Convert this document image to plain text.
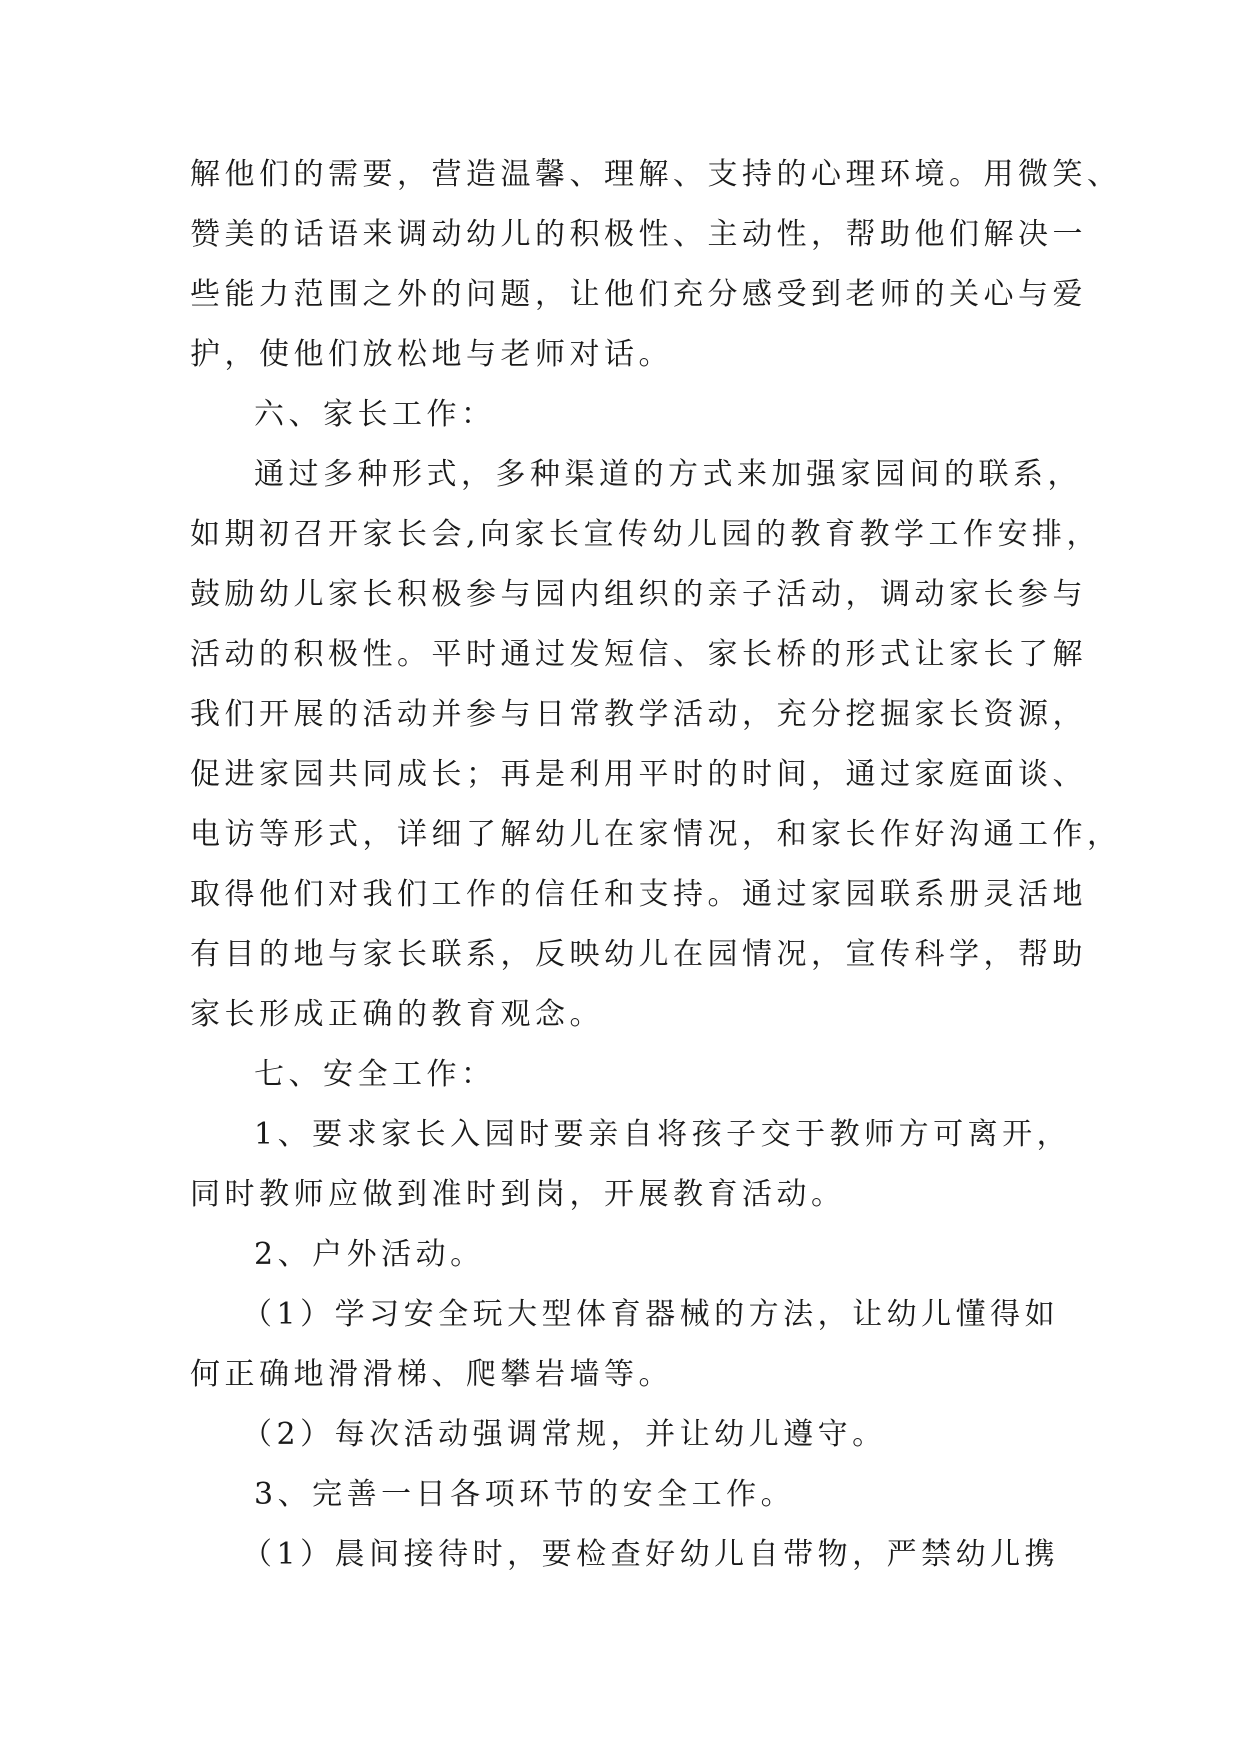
解他们的需要，营造温馨、理解、支持的心理环境。用微笑、
赞美的话语来调动幼儿的积极性、主动性，帮助他们解决一
些能力范围之外的问题，让他们充分感受到老师的关心与爱
护，使他们放松地与老师对话。
六、家长工作：
通过多种形式，多种渠道的方式来加强家园间的联系，
如期初召开家长会,向家长宣传幼儿园的教育教学工作安排，
鼓励幼儿家长积极参与园内组织的亲子活动，调动家长参与
活动的积极性。平时通过发短信、家长桥的形式让家长了解
我们开展的活动并参与日常教学活动，充分挖掘家长资源，
促进家园共同成长；再是利用平时的时间，通过家庭面谈、
电访等形式，详细了解幼儿在家情况，和家长作好沟通工作，
取得他们对我们工作的信任和支持。通过家园联系册灵活地
有目的地与家长联系，反映幼儿在园情况，宣传科学，帮助
家长形成正确的教育观念。
七、安全工作：
1、要求家长入园时要亲自将孩子交于教师方可离开，
同时教师应做到准时到岗，开展教育活动。
2、户外活动。
（1）学习安全玩大型体育器械的方法，让幼儿懂得如
何正确地滑滑梯、爬攀岩墙等。
（2）每次活动强调常规，并让幼儿遵守。
3、完善一日各项环节的安全工作。
（1）晨间接待时，要检查好幼儿自带物，严禁幼儿携
